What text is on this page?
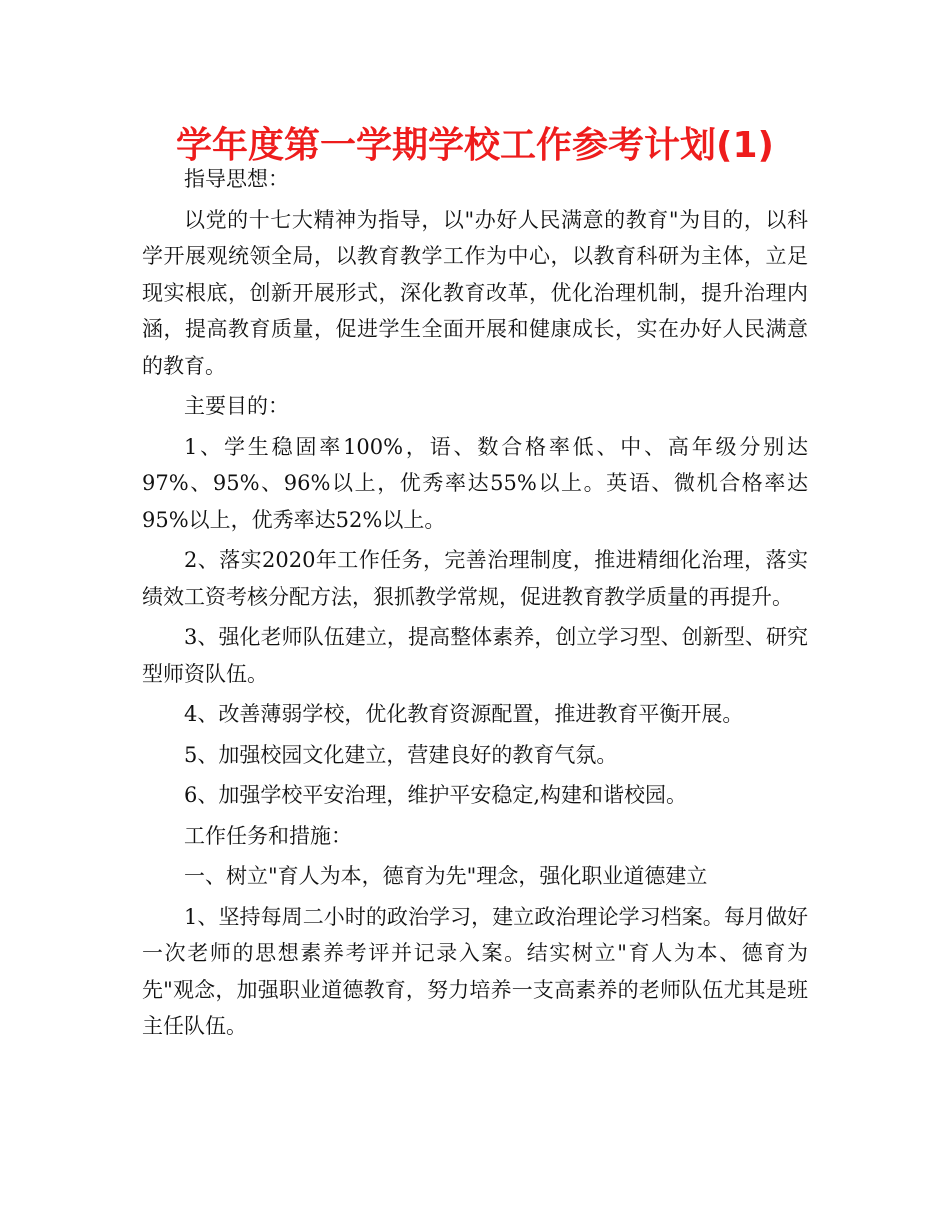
学年度第一学期学校工作参考计划(1)

指导思想：

以党的十七大精神为指导，以"办好人民满意的教育"为目的，以科学开展观统领全局，以教育教学工作为中心，以教育科研为主体，立足现实根底，创新开展形式，深化教育改革，优化治理机制，提升治理内涵，提高教育质量，促进学生全面开展和健康成长，实在办好人民满意的教育。

主要目的：

1、学生稳固率100%，语、数合格率低、中、高年级分别达97%、95%、96%以上，优秀率达55%以上。英语、微机合格率达95%以上，优秀率达52%以上。

2、落实2020年工作任务，完善治理制度，推进精细化治理，落实绩效工资考核分配方法，狠抓教学常规，促进教育教学质量的再提升。

3、强化老师队伍建立，提高整体素养，创立学习型、创新型、研究型师资队伍。

4、改善薄弱学校，优化教育资源配置，推进教育平衡开展。

5、加强校园文化建立，营建良好的教育气氛。

6、加强学校平安治理，维护平安稳定,构建和谐校园。

工作任务和措施：

一、树立"育人为本，德育为先"理念，强化职业道德建立

1、坚持每周二小时的政治学习，建立政治理论学习档案。每月做好一次老师的思想素养考评并记录入案。结实树立"育人为本、德育为先"观念，加强职业道德教育，努力培养一支高素养的老师队伍尤其是班主任队伍。
